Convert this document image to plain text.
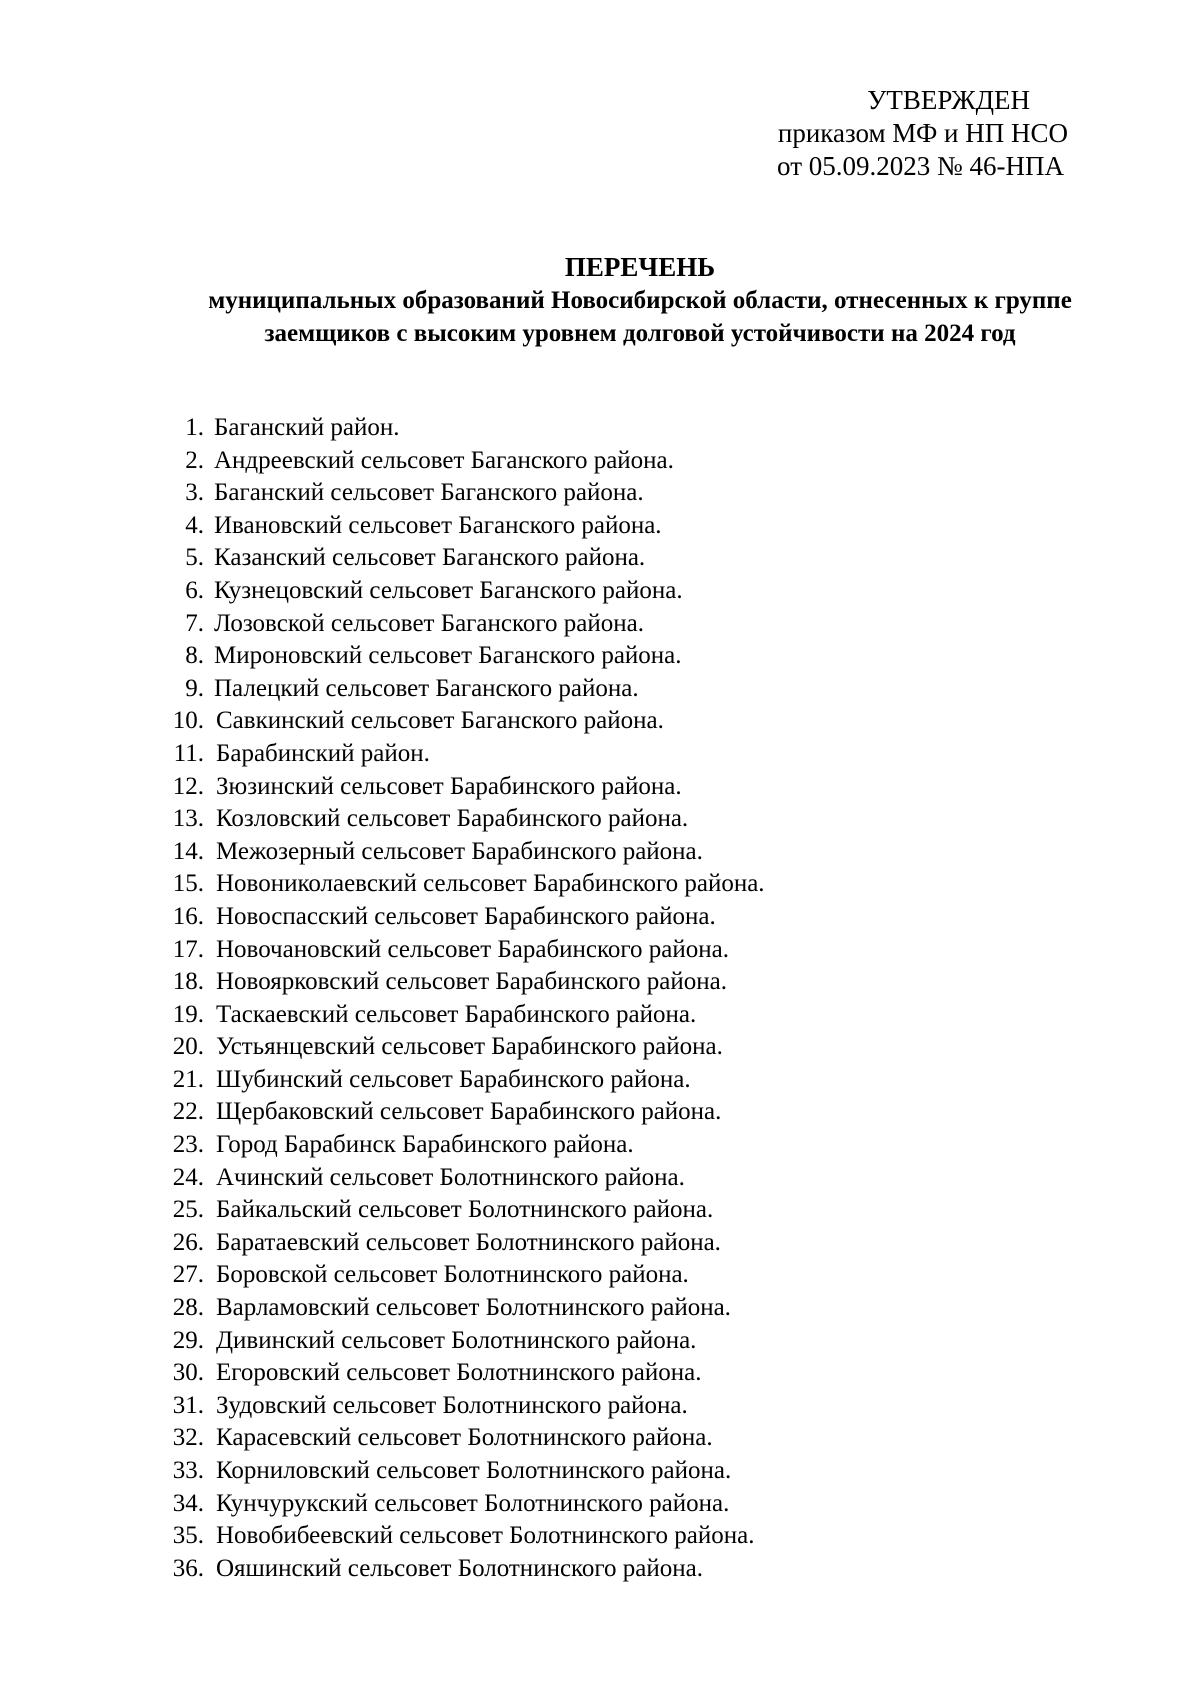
УТВЕРЖДЕН
приказом МФ и НП НСО
от 05.09.2023 № 46-НПА
ПЕРЕЧЕНЬ
муниципальных образований Новосибирской области, отнесенных к группе
заемщиков с высоким уровнем долговой устойчивости на 2024 год
1. Баганский район.
2. Андреевский сельсовет Баганского района.
3. Баганский сельсовет Баганского района.
4. Ивановский сельсовет Баганского района.
5. Казанский сельсовет Баганского района.
6. Кузнецовский сельсовет Баганского района.
7. Лозовской сельсовет Баганского района.
8. Мироновский сельсовет Баганского района.
9. Палецкий сельсовет Баганского района.
10. Савкинский сельсовет Баганского района.
11. Барабинский район.
12. Зюзинский сельсовет Барабинского района.
13. Козловский сельсовет Барабинского района.
14. Межозерный сельсовет Барабинского района.
15. Новониколаевский сельсовет Барабинского района.
16. Новоспасский сельсовет Барабинского района.
17. Новочановский сельсовет Барабинского района.
18. Новоярковский сельсовет Барабинского района.
19. Таскаевский сельсовет Барабинского района.
20. Устьянцевский сельсовет Барабинского района.
21. Шубинский сельсовет Барабинского района.
22. Щербаковский сельсовет Барабинского района.
23. Город Барабинск Барабинского района.
24. Ачинский сельсовет Болотнинского района.
25. Байкальский сельсовет Болотнинского района.
26. Баратаевский сельсовет Болотнинского района.
27. Боровской сельсовет Болотнинского района.
28. Варламовский сельсовет Болотнинского района.
29. Дивинский сельсовет Болотнинского района.
30. Егоровский сельсовет Болотнинского района.
31. Зудовский сельсовет Болотнинского района.
32. Карасевский сельсовет Болотнинского района.
33. Корниловский сельсовет Болотнинского района.
34. Кунчурукский сельсовет Болотнинского района.
35. Новобибеевский сельсовет Болотнинского района.
36. Ояшинский сельсовет Болотнинского района.
